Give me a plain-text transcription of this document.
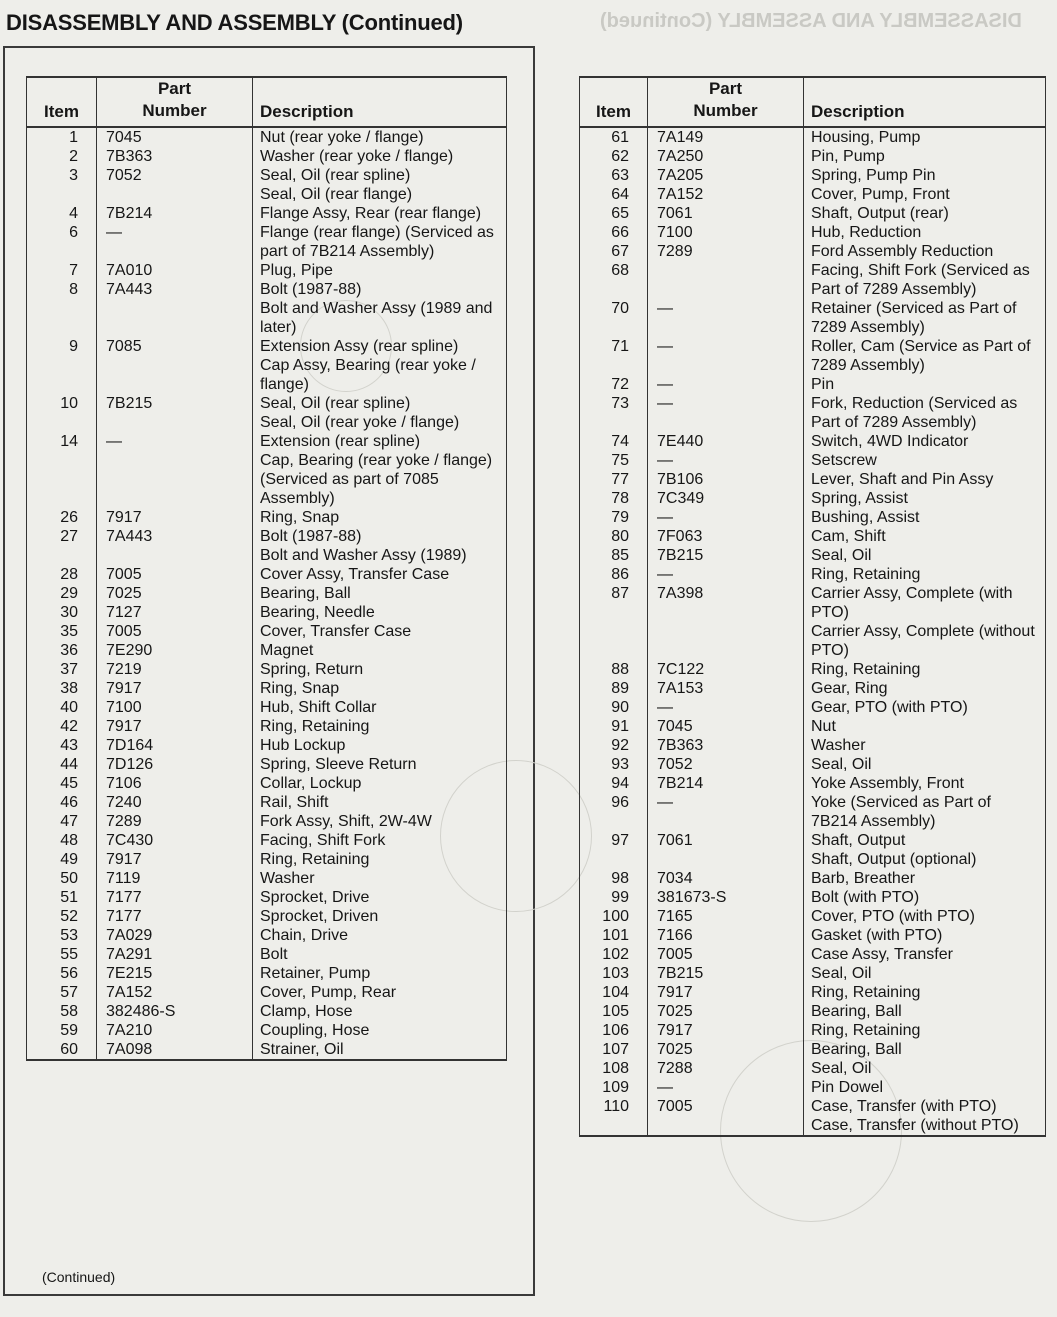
DISASSEMBLY AND ASSEMBLY (Continued)	DISASSEMBLY AND ASSEMBLY (Continued)
Item	Part
Number	Description
1	7045	Nut (rear yoke / flange)

2	7B363	Washer (rear yoke / flange)

3	7052	Seal, Oil (rear spline)
Seal, Oil (rear flange)

4	7B214	Flange Assy, Rear (rear flange)

6	—	Flange (rear flange) (Serviced as part of 7B214 Assembly)

7	7A010	Plug, Pipe

8	7A443	Bolt (1987-88)
Bolt and Washer Assy (1989 and later)

9	7085	Extension Assy (rear spline)
Cap Assy, Bearing (rear yoke / flange)

10	7B215	Seal, Oil (rear spline)
Seal, Oil (rear yoke / flange)

14	—	Extension (rear spline)
Cap, Bearing (rear yoke / flange) (Serviced as part of 7085 Assembly)

26	7917	Ring, Snap

27	7A443	Bolt (1987-88)
Bolt and Washer Assy (1989)

28	7005	Cover Assy, Transfer Case

29	7025	Bearing, Ball

30	7127	Bearing, Needle

35	7005	Cover, Transfer Case

36	7E290	Magnet

37	7219	Spring, Return

38	7917	Ring, Snap

40	7100	Hub, Shift Collar

42	7917	Ring, Retaining

43	7D164	Hub Lockup

44	7D126	Spring, Sleeve Return

45	7106	Collar, Lockup

46	7240	Rail, Shift

47	7289	Fork Assy, Shift, 2W-4W

48	7C430	Facing, Shift Fork

49	7917	Ring, Retaining

50	7119	Washer

51	7177	Sprocket, Drive

52	7177	Sprocket, Driven

53	7A029	Chain, Drive

55	7A291	Bolt

56	7E215	Retainer, Pump

57	7A152	Cover, Pump, Rear

58	382486-S	Clamp, Hose

59	7A210	Coupling, Hose

60	7A098	Strainer, Oil
Item	Part
Number	Description
61	7A149	Housing, Pump

62	7A250	Pin, Pump

63	7A205	Spring, Pump Pin

64	7A152	Cover, Pump, Front

65	7061	Shaft, Output (rear)

66	7100	Hub, Reduction

67	7289	Ford Assembly Reduction

68		Facing, Shift Fork (Serviced as Part of 7289 Assembly)

70	—	Retainer (Serviced as Part of 7289 Assembly)

71	—	Roller, Cam (Service as Part of 7289 Assembly)

72	—	Pin

73	—	Fork, Reduction (Serviced as Part of 7289 Assembly)

74	7E440	Switch, 4WD Indicator

75	—	Setscrew

77	7B106	Lever, Shaft and Pin Assy

78	7C349	Spring, Assist

79	—	Bushing, Assist

80	7F063	Cam, Shift

85	7B215	Seal, Oil

86	—	Ring, Retaining

87	7A398	Carrier Assy, Complete (with PTO)
Carrier Assy, Complete (without PTO)

88	7C122	Ring, Retaining

89	7A153	Gear, Ring

90	—	Gear, PTO (with PTO)

91	7045	Nut

92	7B363	Washer

93	7052	Seal, Oil

94	7B214	Yoke Assembly, Front

96	—	Yoke (Serviced as Part of 7B214 Assembly)

97	7061	Shaft, Output
Shaft, Output (optional)

98	7034	Barb, Breather

99	381673-S	Bolt (with PTO)

100	7165	Cover, PTO (with PTO)

101	7166	Gasket (with PTO)

102	7005	Case Assy, Transfer

103	7B215	Seal, Oil

104	7917	Ring, Retaining

105	7025	Bearing, Ball

106	7917	Ring, Retaining

107	7025	Bearing, Ball

108	7288	Seal, Oil

109	—	Pin Dowel

110	7005	Case, Transfer (with PTO)
Case, Transfer (without PTO)
(Continued)
